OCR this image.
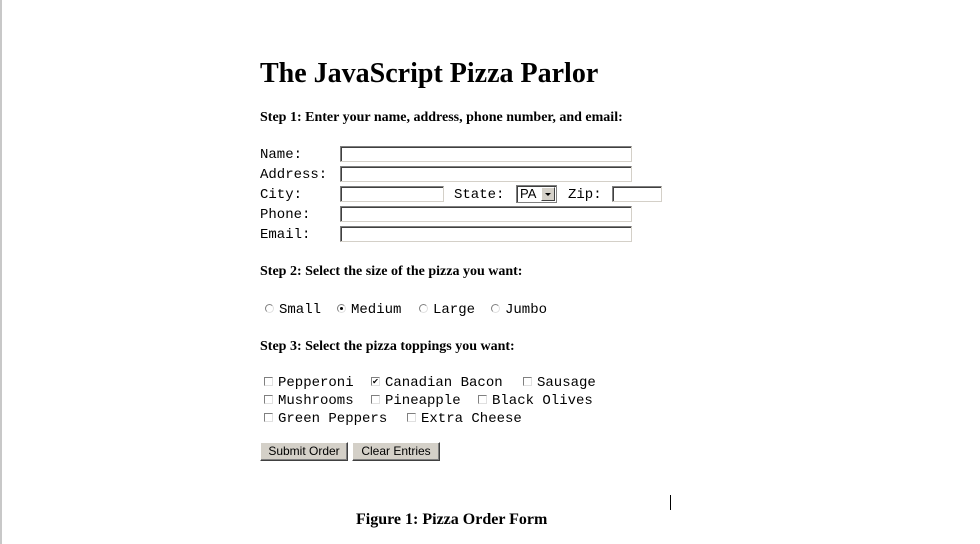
The JavaScript Pizza Parlor
Step 1: Enter your name, address, phone number, and email:
Name:
Address:
City:	State: PA Zip:
Phone:
Email:
Step 2: Select the size of the pizza you want:
Small Medium Large Jumbo
Step 3: Select the pizza toppings you want:
Pepperoni ✔ Canadian Bacon Sausage
Mushrooms Pineapple Black Olives
Green Peppers Extra Cheese
Submit Order	Clear Entries
Figure 1: Pizza Order Form
